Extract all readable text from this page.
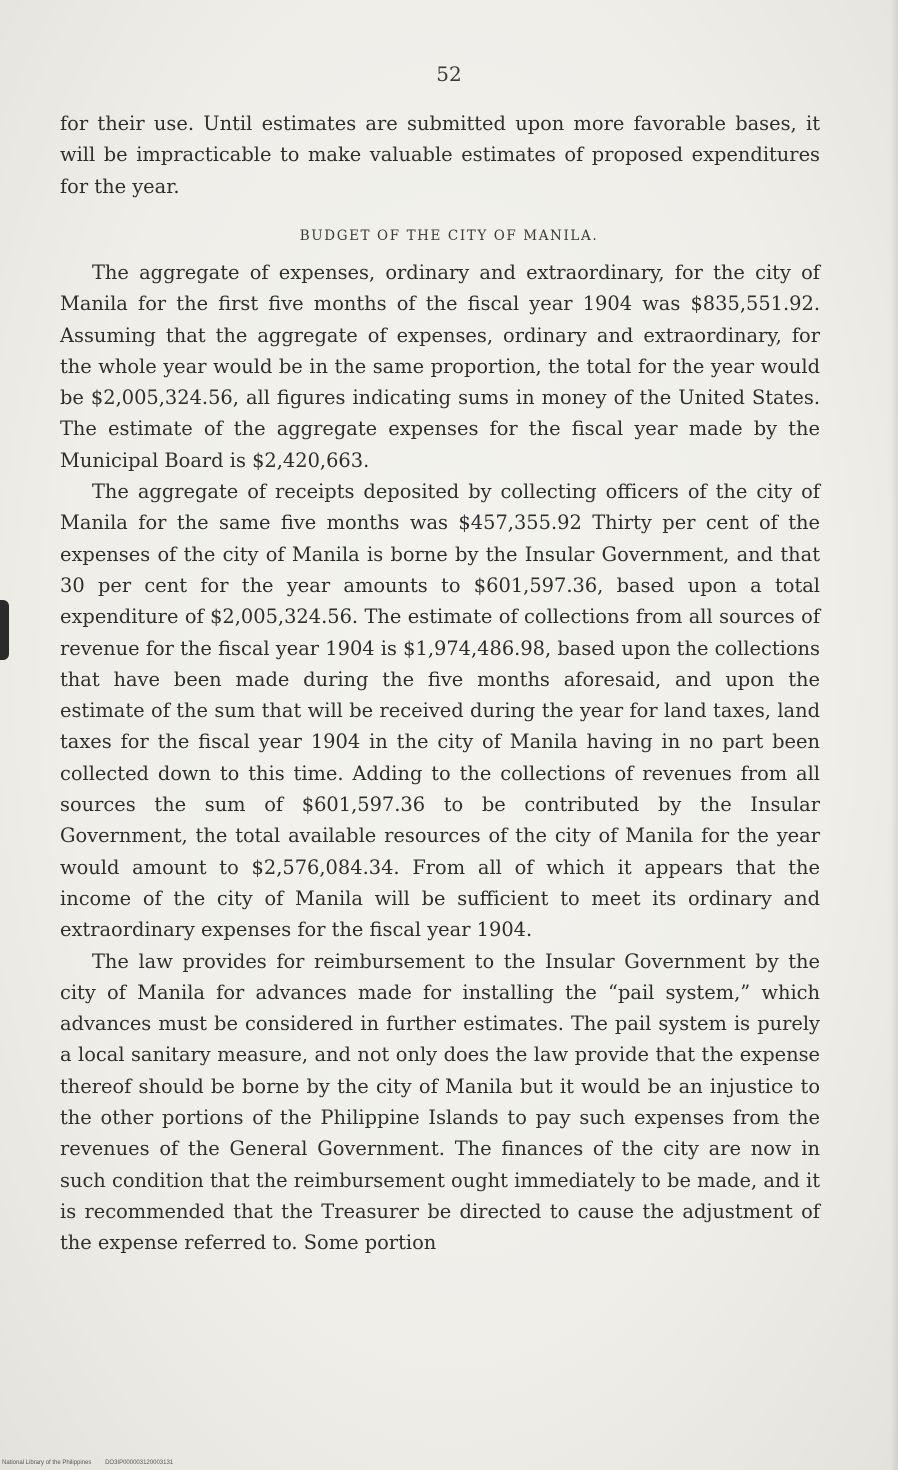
52

for their use. Until estimates are submitted upon more favorable bases, it will be impracticable to make valuable estimates of proposed expenditures for the year.

BUDGET OF THE CITY OF MANILA.

The aggregate of expenses, ordinary and extraordinary, for the city of Manila for the first five months of the fiscal year 1904 was $835,551.92. Assuming that the aggregate of expenses, ordinary and extraordinary, for the whole year would be in the same proportion, the total for the year would be $2,005,324.56, all figures indicating sums in money of the United States. The estimate of the aggregate expenses for the fiscal year made by the Municipal Board is $2,420,663.

The aggregate of receipts deposited by collecting officers of the city of Manila for the same five months was $457,355.92 Thirty per cent of the expenses of the city of Manila is borne by the Insular Government, and that 30 per cent for the year amounts to $601,597.36, based upon a total expenditure of $2,005,324.56. The estimate of collections from all sources of revenue for the fiscal year 1904 is $1,974,486.98, based upon the collections that have been made during the five months aforesaid, and upon the estimate of the sum that will be received during the year for land taxes, land taxes for the fiscal year 1904 in the city of Manila having in no part been collected down to this time. Adding to the collections of revenues from all sources the sum of $601,597.36 to be contributed by the Insular Government, the total available resources of the city of Manila for the year would amount to $2,576,084.34. From all of which it appears that the income of the city of Manila will be sufficient to meet its ordinary and extraordinary expenses for the fiscal year 1904.

The law provides for reimbursement to the Insular Government by the city of Manila for advances made for installing the “pail system,” which advances must be considered in further estimates. The pail system is purely a local sanitary measure, and not only does the law provide that the expense thereof should be borne by the city of Manila but it would be an injustice to the other portions of the Philippine Islands to pay such expenses from the revenues of the General Government. The finances of the city are now in such condition that the reimbursement ought immediately to be made, and it is recommended that the Treasurer be directed to cause the adjustment of the expense referred to. Some portion

National Library of the Philippines DO3IP000003120003131
